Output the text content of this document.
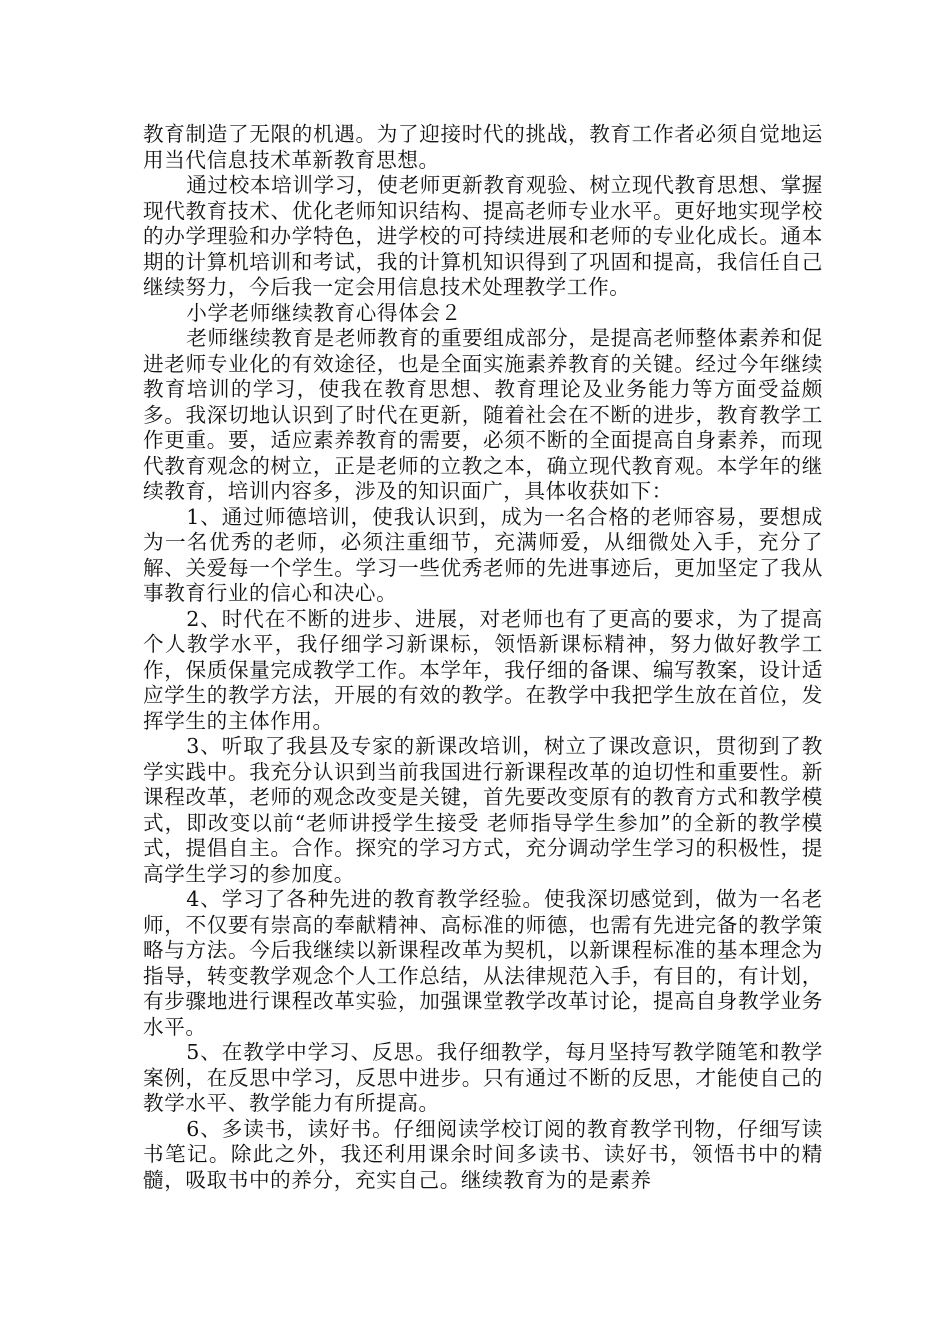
教育制造了无限的机遇。为了迎接时代的挑战，教育工作者必须自觉地运用当代信息技术革新教育思想。

通过校本培训学习，使老师更新教育观验、树立现代教育思想、掌握现代教育技术、优化老师知识结构、提高老师专业水平。更好地实现学校的办学理验和办学特色，进学校的可持续进展和老师的专业化成长。通本期的计算机培训和考试，我的计算机知识得到了巩固和提高，我信任自己继续努力，今后我一定会用信息技术处理教学工作。

小学老师继续教育心得体会２

老师继续教育是老师教育的重要组成部分，是提高老师整体素养和促进老师专业化的有效途径，也是全面实施素养教育的关键。经过今年继续教育培训的学习，使我在教育思想、教育理论及业务能力等方面受益颇多。我深切地认识到了时代在更新，随着社会在不断的进步，教育教学工作更重。要，适应素养教育的需要，必须不断的全面提高自身素养，而现代教育观念的树立，正是老师的立教之本，确立现代教育观。本学年的继续教育，培训内容多，涉及的知识面广，具体收获如下：

1、通过师德培训，使我认识到，成为一名合格的老师容易，要想成为一名优秀的老师，必须注重细节，充满师爱，从细微处入手，充分了解、关爱每一个学生。学习一些优秀老师的先进事迹后，更加坚定了我从事教育行业的信心和决心。

2、时代在不断的进步、进展，对老师也有了更高的要求，为了提高个人教学水平，我仔细学习新课标，领悟新课标精神，努力做好教学工作，保质保量完成教学工作。本学年，我仔细的备课、编写教案，设计适应学生的教学方法，开展的有效的教学。在教学中我把学生放在首位，发挥学生的主体作用。

3、听取了我县及专家的新课改培训，树立了课改意识，贯彻到了教学实践中。我充分认识到当前我国进行新课程改革的迫切性和重要性。新课程改革，老师的观念改变是关键，首先要改变原有的教育方式和教学模式，即改变以前“老师讲授学生接受 老师指导学生参加”的全新的教学模式，提倡自主。合作。探究的学习方式，充分调动学生学习的积极性，提高学生学习的参加度。

4、学习了各种先进的教育教学经验。使我深切感觉到，做为一名老师，不仅要有崇高的奉献精神、高标准的师德，也需有先进完备的教学策略与方法。今后我继续以新课程改革为契机，以新课程标准的基本理念为指导，转变教学观念个人工作总结，从法律规范入手，有目的，有计划，有步骤地进行课程改革实验，加强课堂教学改革讨论，提高自身教学业务水平。

5、在教学中学习、反思。我仔细教学，每月坚持写教学随笔和教学案例，在反思中学习，反思中进步。只有通过不断的反思，才能使自己的教学水平、教学能力有所提高。

6、多读书，读好书。仔细阅读学校订阅的教育教学刊物，仔细写读书笔记。除此之外，我还利用课余时间多读书、读好书，领悟书中的精髓，吸取书中的养分，充实自己。继续教育为的是素养
